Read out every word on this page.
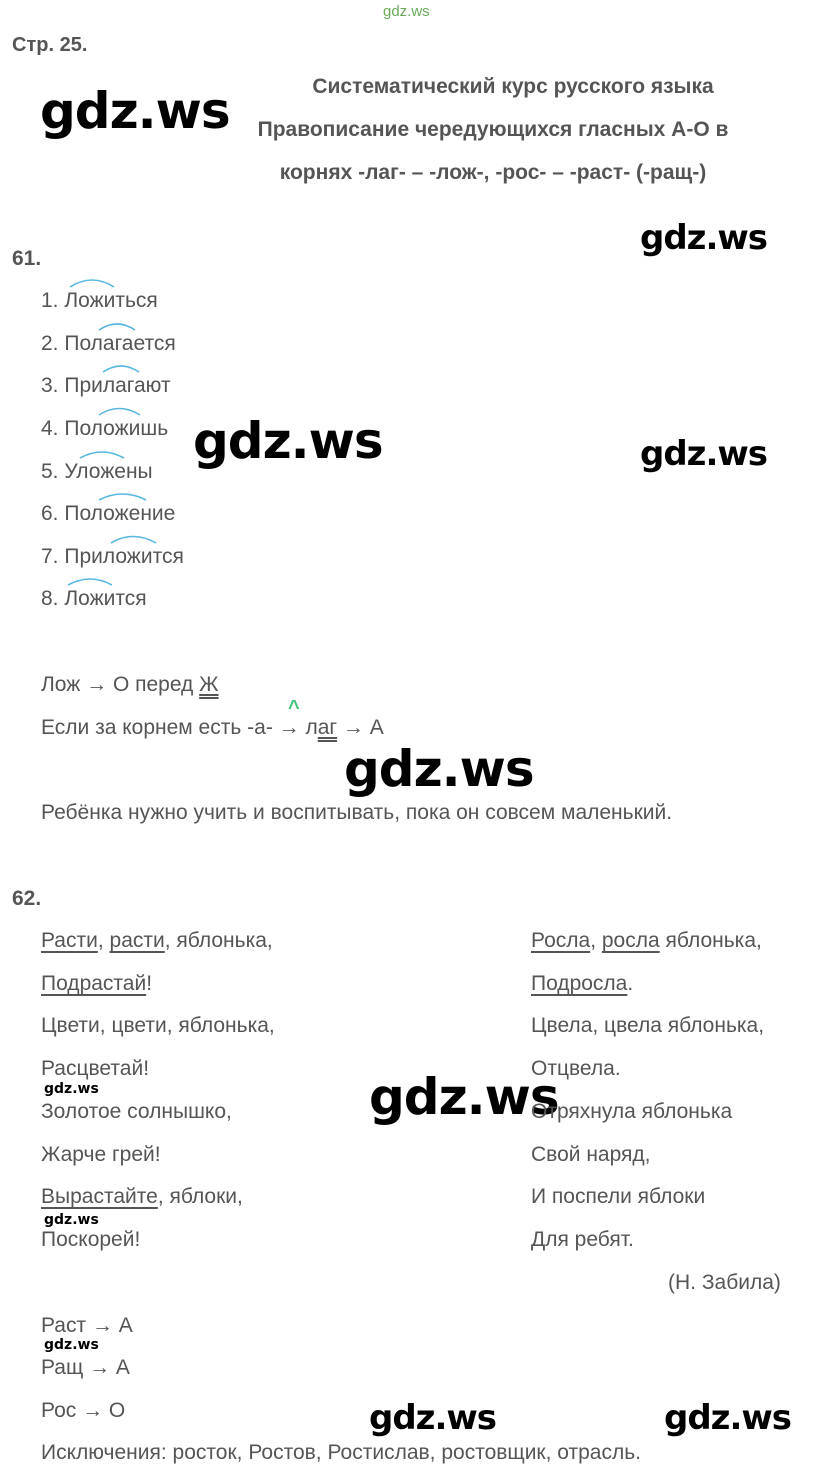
gdz.ws
Стр. 25.
Систематический курс русского языка
Правописание чередующихся гласных А-О в
корнях -лаг- – -лож-, -рос- – -раст- (-ращ-)
gdz.ws
gdz.ws
gdz.ws	gdz.ws
gdz.ws
gdz.ws
gdz.ws	gdz.ws
gdz.ws
gdz.ws
gdz.ws
61.
1. Ложиться
2. Полагается
3. Прилагают
4. Положишь
5. Уложены
6. Положение
7. Приложится
8. Ложится
Лож → О перед Ж
^
Если за корнем есть -а- → лаг → А
Ребёнка нужно учить и воспитывать, пока он совсем маленький.
62.
Расти, расти, яблонька,
Подрастай!
Цвети, цвети, яблонька,
Расцветай!
Золотое солнышко,
Жарче грей!
Вырастайте, яблоки,
Поскорей!
Росла, росла яблонька,
Подросла.
Цвела, цвела яблонька,
Отцвела.
Отряхнула яблонька
Свой наряд,
И поспели яблоки
Для ребят.
(Н. Забила)
Раст → А
Ращ → А
Рос → О
Исключения: росток, Ростов, Ростислав, ростовщик, отрасль.
